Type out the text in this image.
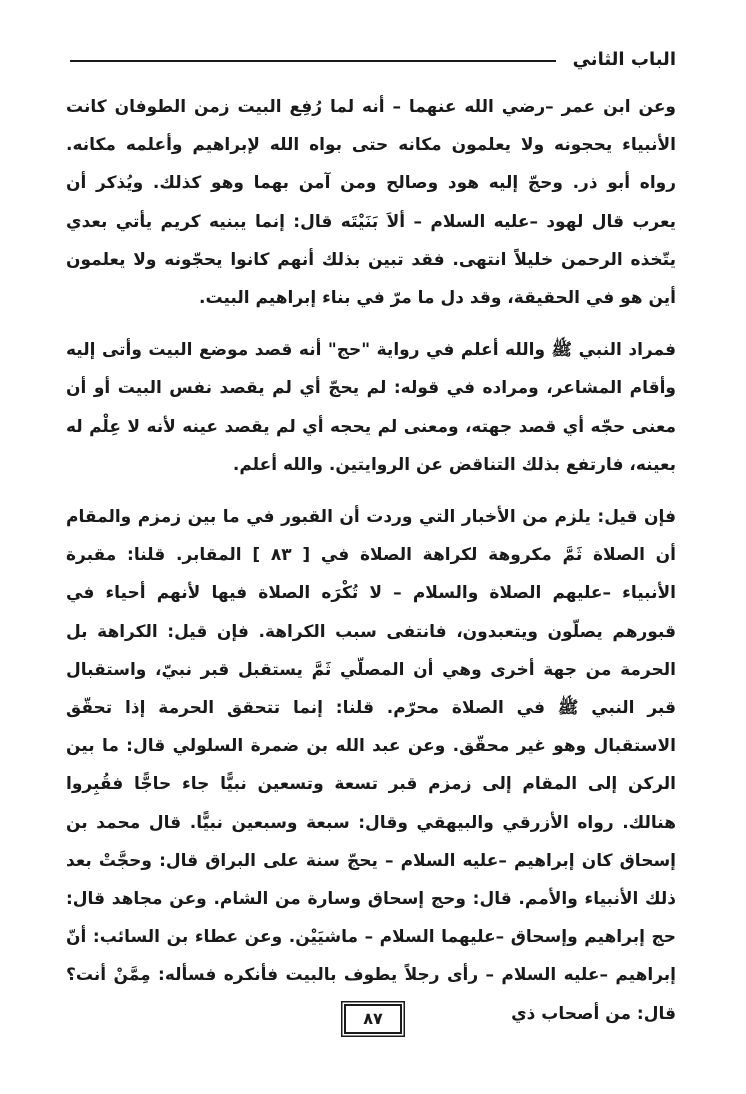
الباب الثاني

وعن ابن عمر –رضي الله عنهما – أنه لما رُفِع البيت زمن الطوفان كانت الأنبياء يحجونه ولا يعلمون مكانه حتى بواه الله لإبراهيم وأعلمه مكانه. رواه أبو ذر. وحجّ إليه هود وصالح ومن آمن بهما وهو كذلك. ويُذكر أن يعرب قال لهود –عليه السلام – ألاَ بَنَيْتَه قال: إنما يبنيه كريم يأتي بعدي يتّخذه الرحمن خليلاً انتهى. فقد تبين بذلك أنهم كانوا يحجّونه ولا يعلمون أين هو في الحقيقة، وقد دل ما مرّ في بناء إبراهيم البيت.

فمراد النبي ﷺ والله أعلم في رواية "حج" أنه قصد موضع البيت وأتى إليه وأقام المشاعر، ومراده في قوله: لم يحجّ أي لم يقصد نفس البيت أو أن معنى حجّه أي قصد جهته، ومعنى لم يحجه أي لم يقصد عينه لأنه لا عِلْم له بعينه، فارتفع بذلك التناقض عن الروايتين. والله أعلم.

فإن قيل: يلزم من الأخبار التي وردت أن القبور في ما بين زمزم والمقام أن الصلاة ثَمَّ مكروهة لكراهة الصلاة في [ ٨٣ ] المقابر. قلنا: مقبرة الأنبياء –عليهم الصلاة والسلام – لا تُكْرَه الصلاة فيها لأنهم أحياء في قبورهم يصلّون ويتعبدون، فانتفى سبب الكراهة. فإن قيل: الكراهة بل الحرمة من جهة أخرى وهي أن المصلّي ثَمَّ يستقبل قبر نبيّ، واستقبال قبر النبي ﷺ في الصلاة محرّم. قلنا: إنما تتحقق الحرمة إذا تحقّق الاستقبال وهو غير محقّق. وعن عبد الله بن ضمرة السلولي قال: ما بين الركن إلى المقام إلى زمزم قبر تسعة وتسعين نبيًّا جاء حاجًّا فقُبِروا هنالك. رواه الأزرقي والبيهقي وقال: سبعة وسبعين نبيًّا. قال محمد بن إسحاق كان إبراهيم –عليه السلام – يحجّ سنة على البراق قال: وحجَّتْ بعد ذلك الأنبياء والأمم. قال: وحج إسحاق وسارة من الشام. وعن مجاهد قال: حج إبراهيم وإسحاق –عليهما السلام – ماشيَيْن. وعن عطاء بن السائب: أنّ إبراهيم –عليه السلام – رأى رجلاً يطوف بالبيت فأنكره فسأله: مِمَّنْ أنت؟ قال: من أصحاب ذي

٨٧
